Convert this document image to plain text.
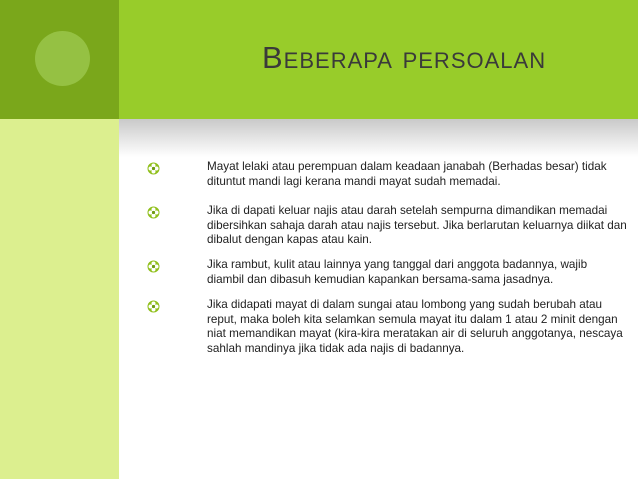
Beberapa persoalan
Mayat lelaki atau perempuan dalam keadaan janabah (Berhadas besar) tidak dituntut mandi lagi kerana mandi mayat sudah memadai.
Jika di dapati keluar najis atau darah setelah sempurna dimandikan memadai dibersihkan sahaja darah atau najis tersebut. Jika berlarutan keluarnya diikat dan dibalut dengan kapas atau kain.
Jika rambut, kulit atau lainnya yang tanggal dari anggota badannya, wajib diambil dan dibasuh kemudian kapankan bersama-sama jasadnya.
Jika didapati mayat di dalam sungai atau lombong yang sudah berubah atau reput, maka boleh kita selamkan semula mayat itu dalam 1 atau 2 minit dengan niat memandikan mayat (kira-kira meratakan air di seluruh anggotanya, nescaya sahlah mandinya jika tidak ada najis di badannya.
